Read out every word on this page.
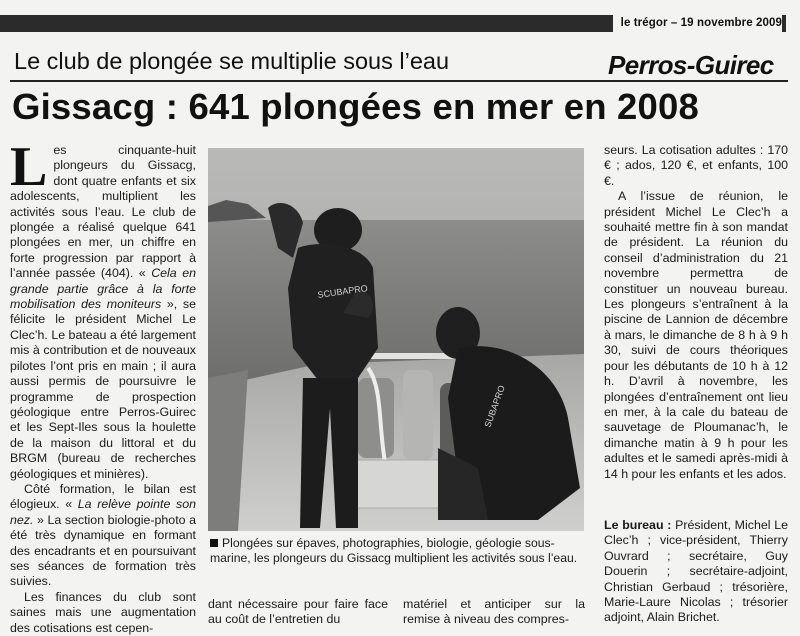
le trégor – 19 novembre 2009
Le club de plongée se multiplie sous l’eau	Perros-Guirec
Gissacg : 641 plongées en mer en 2008

Les cinquante-huit plongeurs du Gissacg, dont quatre enfants et six adolescents, multiplient les activités sous l’eau. Le club de plongée a réalisé quelque 641 plongées en mer, un chiffre en forte progression par rapport à l’année passée (404). « Cela en grande partie grâce à la forte mobilisation des moniteurs », se félicite le président Michel Le Clec’h. Le bateau a été largement mis à contribution et de nouveaux pilotes l’ont pris en main ; il aura aussi permis de poursuivre le programme de prospection géologique entre Perros-Guirec et les Sept-Iles sous la houlette de la maison du littoral et du BRGM (bureau de recherches géologiques et minières).

Côté formation, le bilan est élogieux. « La relève pointe son nez. » La section biologie-photo a été très dynamique en formant des encadrants et en poursuivant ses séances de formation très suivies.

Les finances du club sont saines mais une augmentation des cotisations est cepen-

SCUBAPRO
SUBAPRO
Plongées sur épaves, photographies, biologie, géologie sous-marine, les plongeurs du Gissacg multiplient les activités sous l’eau.

dant nécessaire pour faire face au coût de l’entretien du

matériel et anticiper sur la remise à niveau des compres-

seurs. La cotisation adultes : 170 € ; ados, 120 €, et enfants, 100 €.

A l’issue de réunion, le président Michel Le Clec’h a souhaité mettre fin à son mandat de président. La réunion du conseil d’administration du 21 novembre permettra de constituer un nouveau bureau. Les plongeurs s’entraînent à la piscine de Lannion de décembre à mars, le dimanche de 8 h à 9 h 30, suivi de cours théoriques pour les débutants de 10 h à 12 h. D’avril à novembre, les plongées d’entraînement ont lieu en mer, à la cale du bateau de sauvetage de Ploumanac’h, le dimanche matin à 9 h pour les adultes et le samedi après-midi à 14 h pour les enfants et les ados.

Le bureau : Président, Michel Le Clec’h ; vice-président, Thierry Ouvrard ; secrétaire, Guy Douerin ; secrétaire-adjoint, Christian Gerbaud ; trésorière, Marie-Laure Nicolas ; trésorier adjoint, Alain Brichet.
